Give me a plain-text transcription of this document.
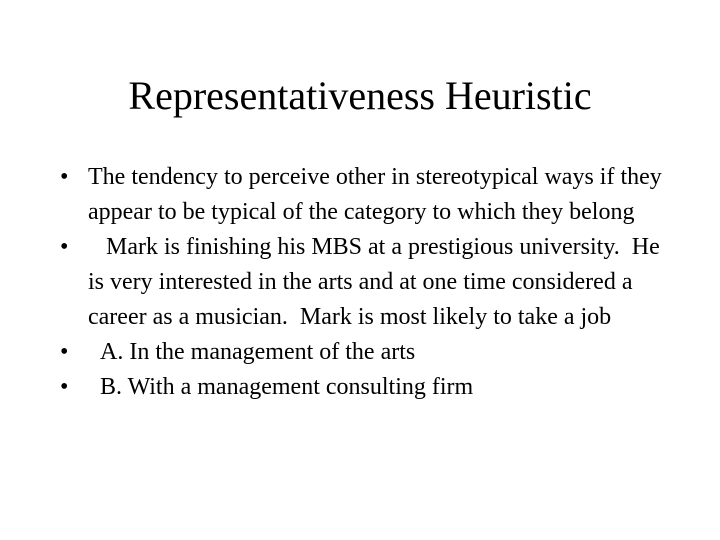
Representativeness Heuristic
• The tendency to perceive other in stereotypical ways if they appear to be typical of the category to which they belong
• Mark is finishing his MBS at a prestigious university.  He is very interested in the arts and at one time considered a career as a musician.  Mark is most likely to take a job
• A. In the management of the arts
• B. With a management consulting firm
